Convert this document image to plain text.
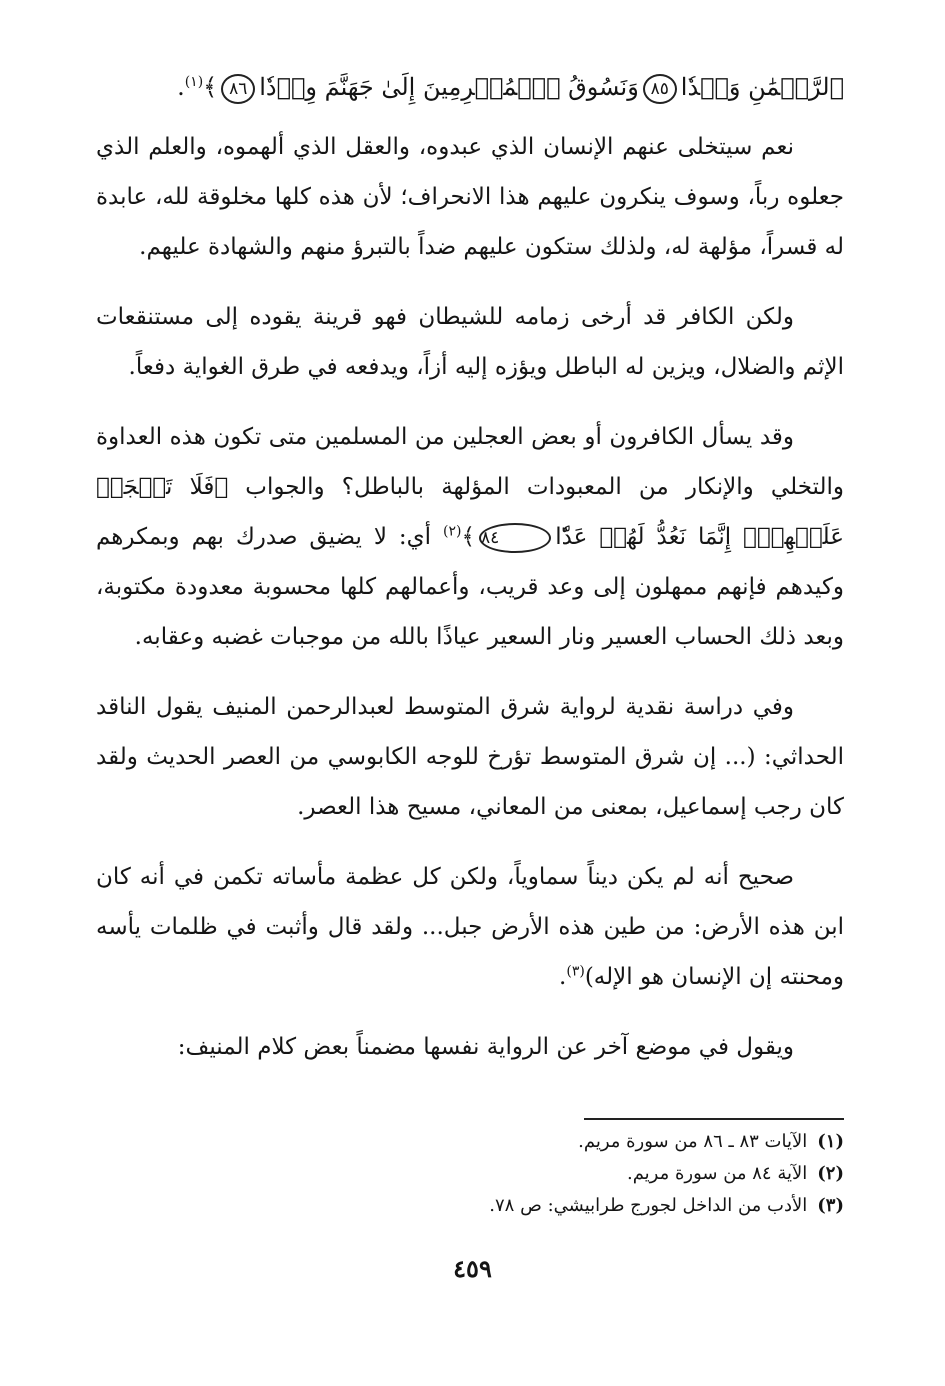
ٱلرَّحۡمَٰنِ وَفۡدٗا٨٥وَنَسُوقُ ٱلۡمُجۡرِمِينَ إِلَىٰ جَهَنَّمَ وِرۡدٗا٨٦﴾$^{(١)}$.

نعم سيتخلى عنهم الإنسان الذي عبدوه، والعقل الذي ألهموه، والعلم الذي جعلوه رباً، وسوف ينكرون عليهم هذا الانحراف؛ لأن هذه كلها مخلوقة لله، عابدة له قسراً، مؤلهة له، ولذلك ستكون عليهم ضداً بالتبرؤ منهم والشهادة عليهم.

ولكن الكافر قد أرخى زمامه للشيطان فهو قرينة يقوده إلى مستنقعات الإثم والضلال، ويزين له الباطل ويؤزه إليه أزاً، ويدفعه في طرق الغواية دفعاً.

وقد يسأل الكافرون أو بعض العجلين من المسلمين متى تكون هذه العداوة والتخلي والإنكار من المعبودات المؤلهة بالباطل؟ والجواب ﴿فَلَا تَعۡجَلۡ عَلَيۡهِمۡۖ إِنَّمَا نَعُدُّ لَهُمۡ عَدّٗا٨٤﴾$^{(٢)}$ أي: لا يضيق صدرك بهم وبمكرهم وكيدهم فإنهم ممهلون إلى وعد قريب، وأعمالهم كلها محسوبة معدودة مكتوبة، وبعد ذلك الحساب العسير ونار السعير عياذًا بالله من موجبات غضبه وعقابه.

وفي دراسة نقدية لرواية شرق المتوسط لعبدالرحمن المنيف يقول الناقد الحداثي: (... إن شرق المتوسط تؤرخ للوجه الكابوسي من العصر الحديث ولقد كان رجب إسماعيل، بمعنى من المعاني، مسيح هذا العصر.

صحيح أنه لم يكن ديناً سماوياً، ولكن كل عظمة مأساته تكمن في أنه كان ابن هذه الأرض: من طين هذه الأرض جبل... ولقد قال وأثبت في ظلمات يأسه ومحنته إن الإنسان هو الإله)$^{(٣)}$.

ويقول في موضع آخر عن الرواية نفسها مضمناً بعض كلام المنيف:

(١)الآيات ٨٣ ـ ٨٦ من سورة مريم.

(٢)الآية ٨٤ من سورة مريم.

(٣)الأدب من الداخل لجورج طرابيشي: ص ٧٨.

٤٥٩
